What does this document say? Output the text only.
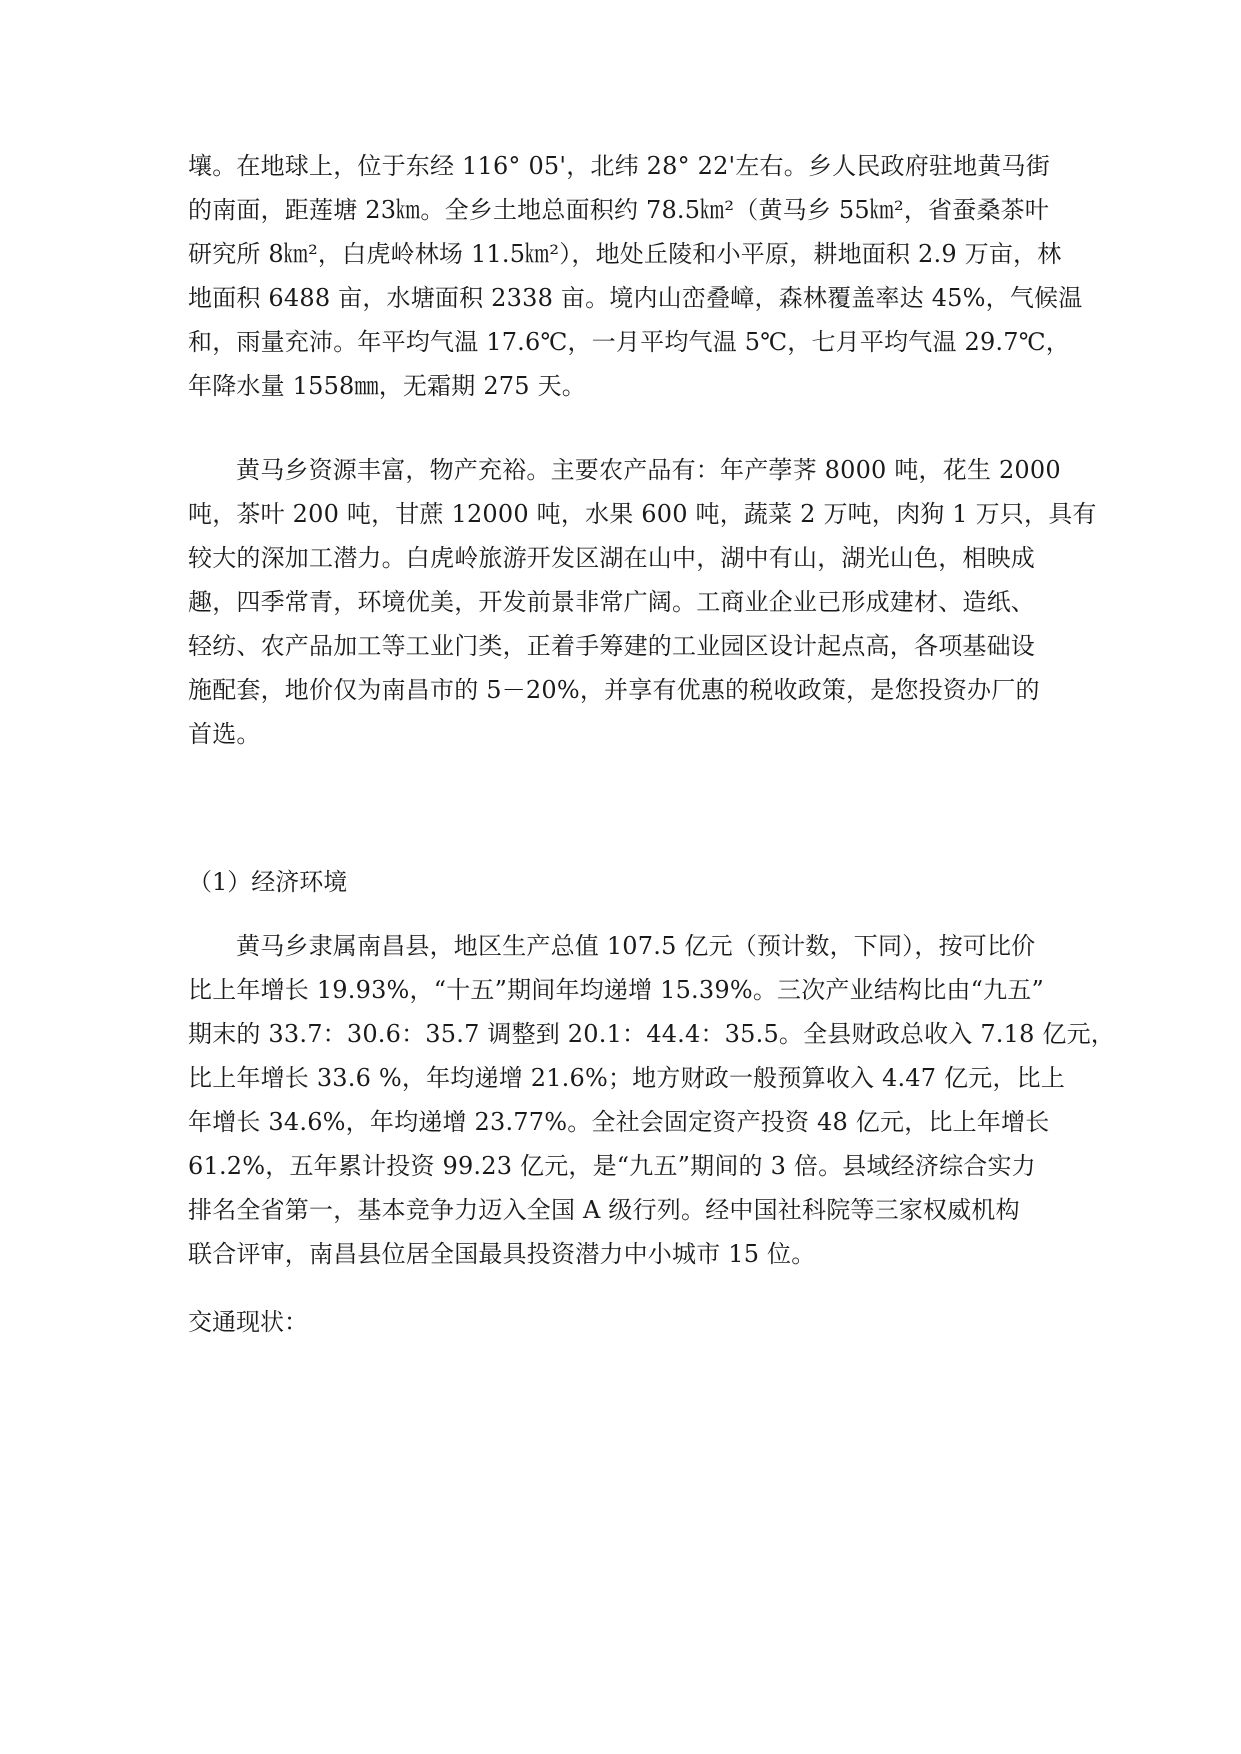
壤。在地球上，位于东经 116° 05'，北纬 28° 22'左右。乡人民政府驻地黄马街
的南面，距莲塘 23㎞。全乡土地总面积约 78.5㎞²（黄马乡 55㎞²，省蚕桑茶叶
研究所 8㎞²，白虎岭林场 11.5㎞²），地处丘陵和小平原，耕地面积 2.9 万亩，林
地面积 6488 亩，水塘面积 2338 亩。境内山峦叠嶂，森林覆盖率达 45%，气候温
和，雨量充沛。年平均气温 17.6℃，一月平均气温 5℃，七月平均气温 29.7℃，
年降水量 1558㎜，无霜期 275 天。
黄马乡资源丰富，物产充裕。主要农产品有：年产荸荠 8000 吨，花生 2000
吨，茶叶 200 吨，甘蔗 12000 吨，水果 600 吨，蔬菜 2 万吨，肉狗 1 万只，具有
较大的深加工潜力。白虎岭旅游开发区湖在山中，湖中有山，湖光山色，相映成
趣，四季常青，环境优美，开发前景非常广阔。工商业企业已形成建材、造纸、
轻纺、农产品加工等工业门类，正着手筹建的工业园区设计起点高，各项基础设
施配套，地价仅为南昌市的 5－20%，并享有优惠的税收政策，是您投资办厂的
首选。
（1）经济环境
黄马乡隶属南昌县，地区生产总值 107.5 亿元（预计数，下同），按可比价
比上年增长 19.93%，“十五”期间年均递增 15.39%。三次产业结构比由“九五”
期末的 33.7：30.6：35.7 调整到 20.1：44.4：35.5。全县财政总收入 7.18 亿元，
比上年增长 33.6 %，年均递增 21.6%；地方财政一般预算收入 4.47 亿元，比上
年增长 34.6%，年均递增 23.77%。全社会固定资产投资 48 亿元，比上年增长
61.2%，五年累计投资 99.23 亿元，是“九五”期间的 3 倍。县域经济综合实力
排名全省第一，基本竞争力迈入全国 A 级行列。经中国社科院等三家权威机构
联合评审，南昌县位居全国最具投资潜力中小城市 15 位。
交通现状：
